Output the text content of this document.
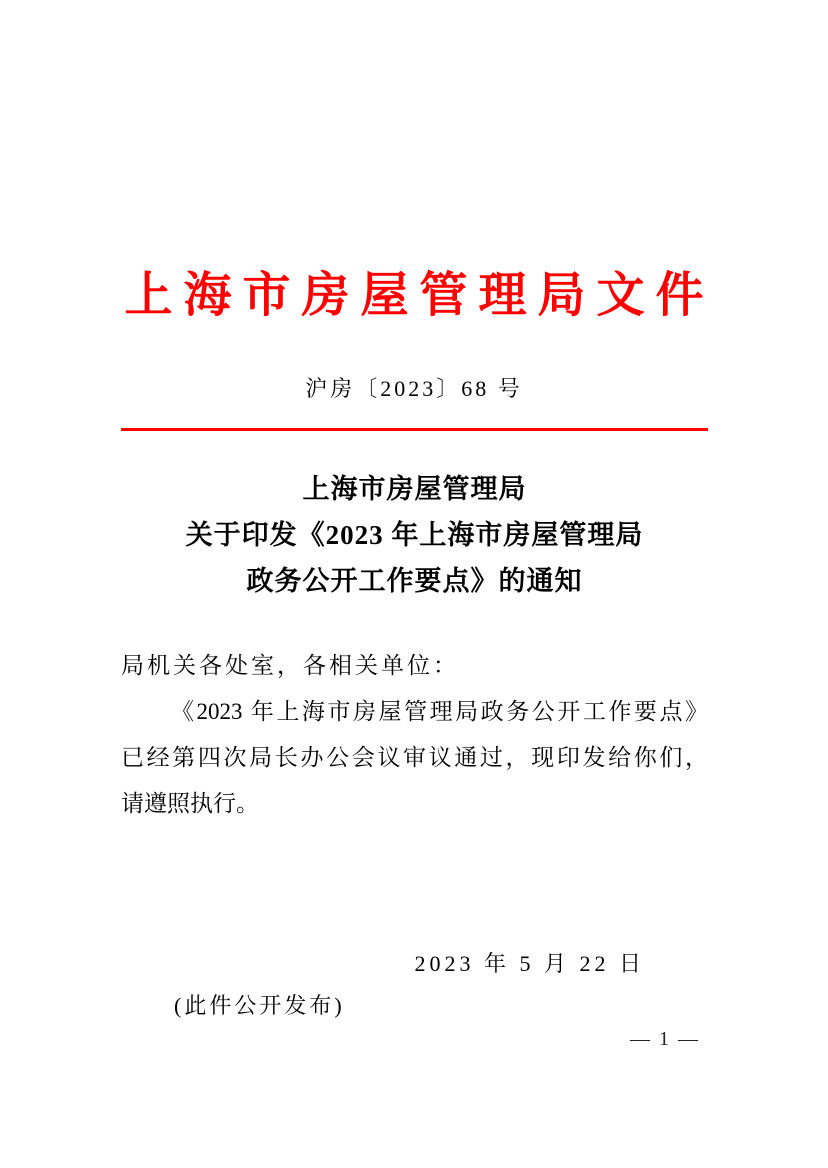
上海市房屋管理局文件
沪房〔2023〕68 号
上海市房屋管理局
关于印发《2023 年上海市房屋管理局
政务公开工作要点》的通知
局机关各处室，各相关单位：
《2023 年上海市房屋管理局政务公开工作要点》
已经第四次局长办公会议审议通过，现印发给你们，
请遵照执行。
2023 年 5 月 22 日
(此件公开发布)
— 1 —
